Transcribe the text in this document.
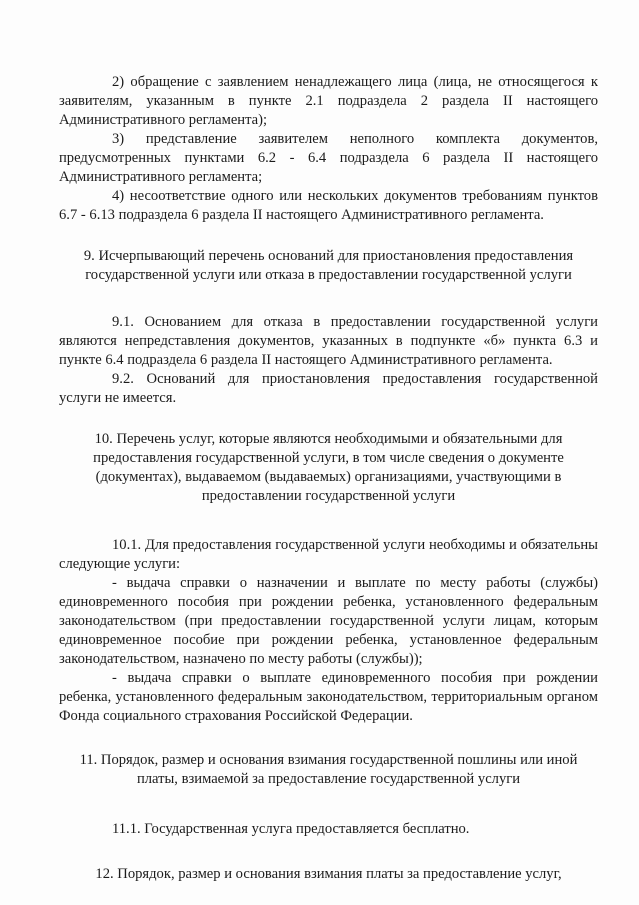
2) обращение с заявлением ненадлежащего лица (лица, не относящегося к заявителям, указанным в пункте 2.1 подраздела 2 раздела II настоящего Административного регламента);

3) представление заявителем неполного комплекта документов, предусмотренных пунктами 6.2 - 6.4 подраздела 6 раздела II настоящего Административного регламента;

4) несоответствие одного или нескольких документов требованиям пунктов 6.7 - 6.13 подраздела 6 раздела II настоящего Административного регламента.

9. Исчерпывающий перечень оснований для приостановления предоставления государственной услуги или отказа в предоставлении государственной услуги

9.1. Основанием для отказа в предоставлении государственной услуги являются непредставления документов, указанных в подпункте «б» пункта 6.3 и пункте 6.4 подраздела 6 раздела II настоящего Административного регламента.

9.2. Оснований для приостановления предоставления государственной услуги не имеется.

10. Перечень услуг, которые являются необходимыми и обязательными для предоставления государственной услуги, в том числе сведения о документе (документах), выдаваемом (выдаваемых) организациями, участвующими в предоставлении государственной услуги

10.1. Для предоставления государственной услуги необходимы и обязательны следующие услуги:

- выдача справки о назначении и выплате по месту работы (службы) единовременного пособия при рождении ребенка, установленного федеральным законодательством (при предоставлении государственной услуги лицам, которым единовременное пособие при рождении ребенка, установленное федеральным законодательством, назначено по месту работы (службы));

- выдача справки о выплате единовременного пособия при рождении ребенка, установленного федеральным законодательством, территориальным органом Фонда социального страхования Российской Федерации.

11. Порядок, размер и основания взимания государственной пошлины или иной платы, взимаемой за предоставление государственной услуги

11.1. Государственная услуга предоставляется бесплатно.

12. Порядок, размер и основания взимания платы за предоставление услуг,
